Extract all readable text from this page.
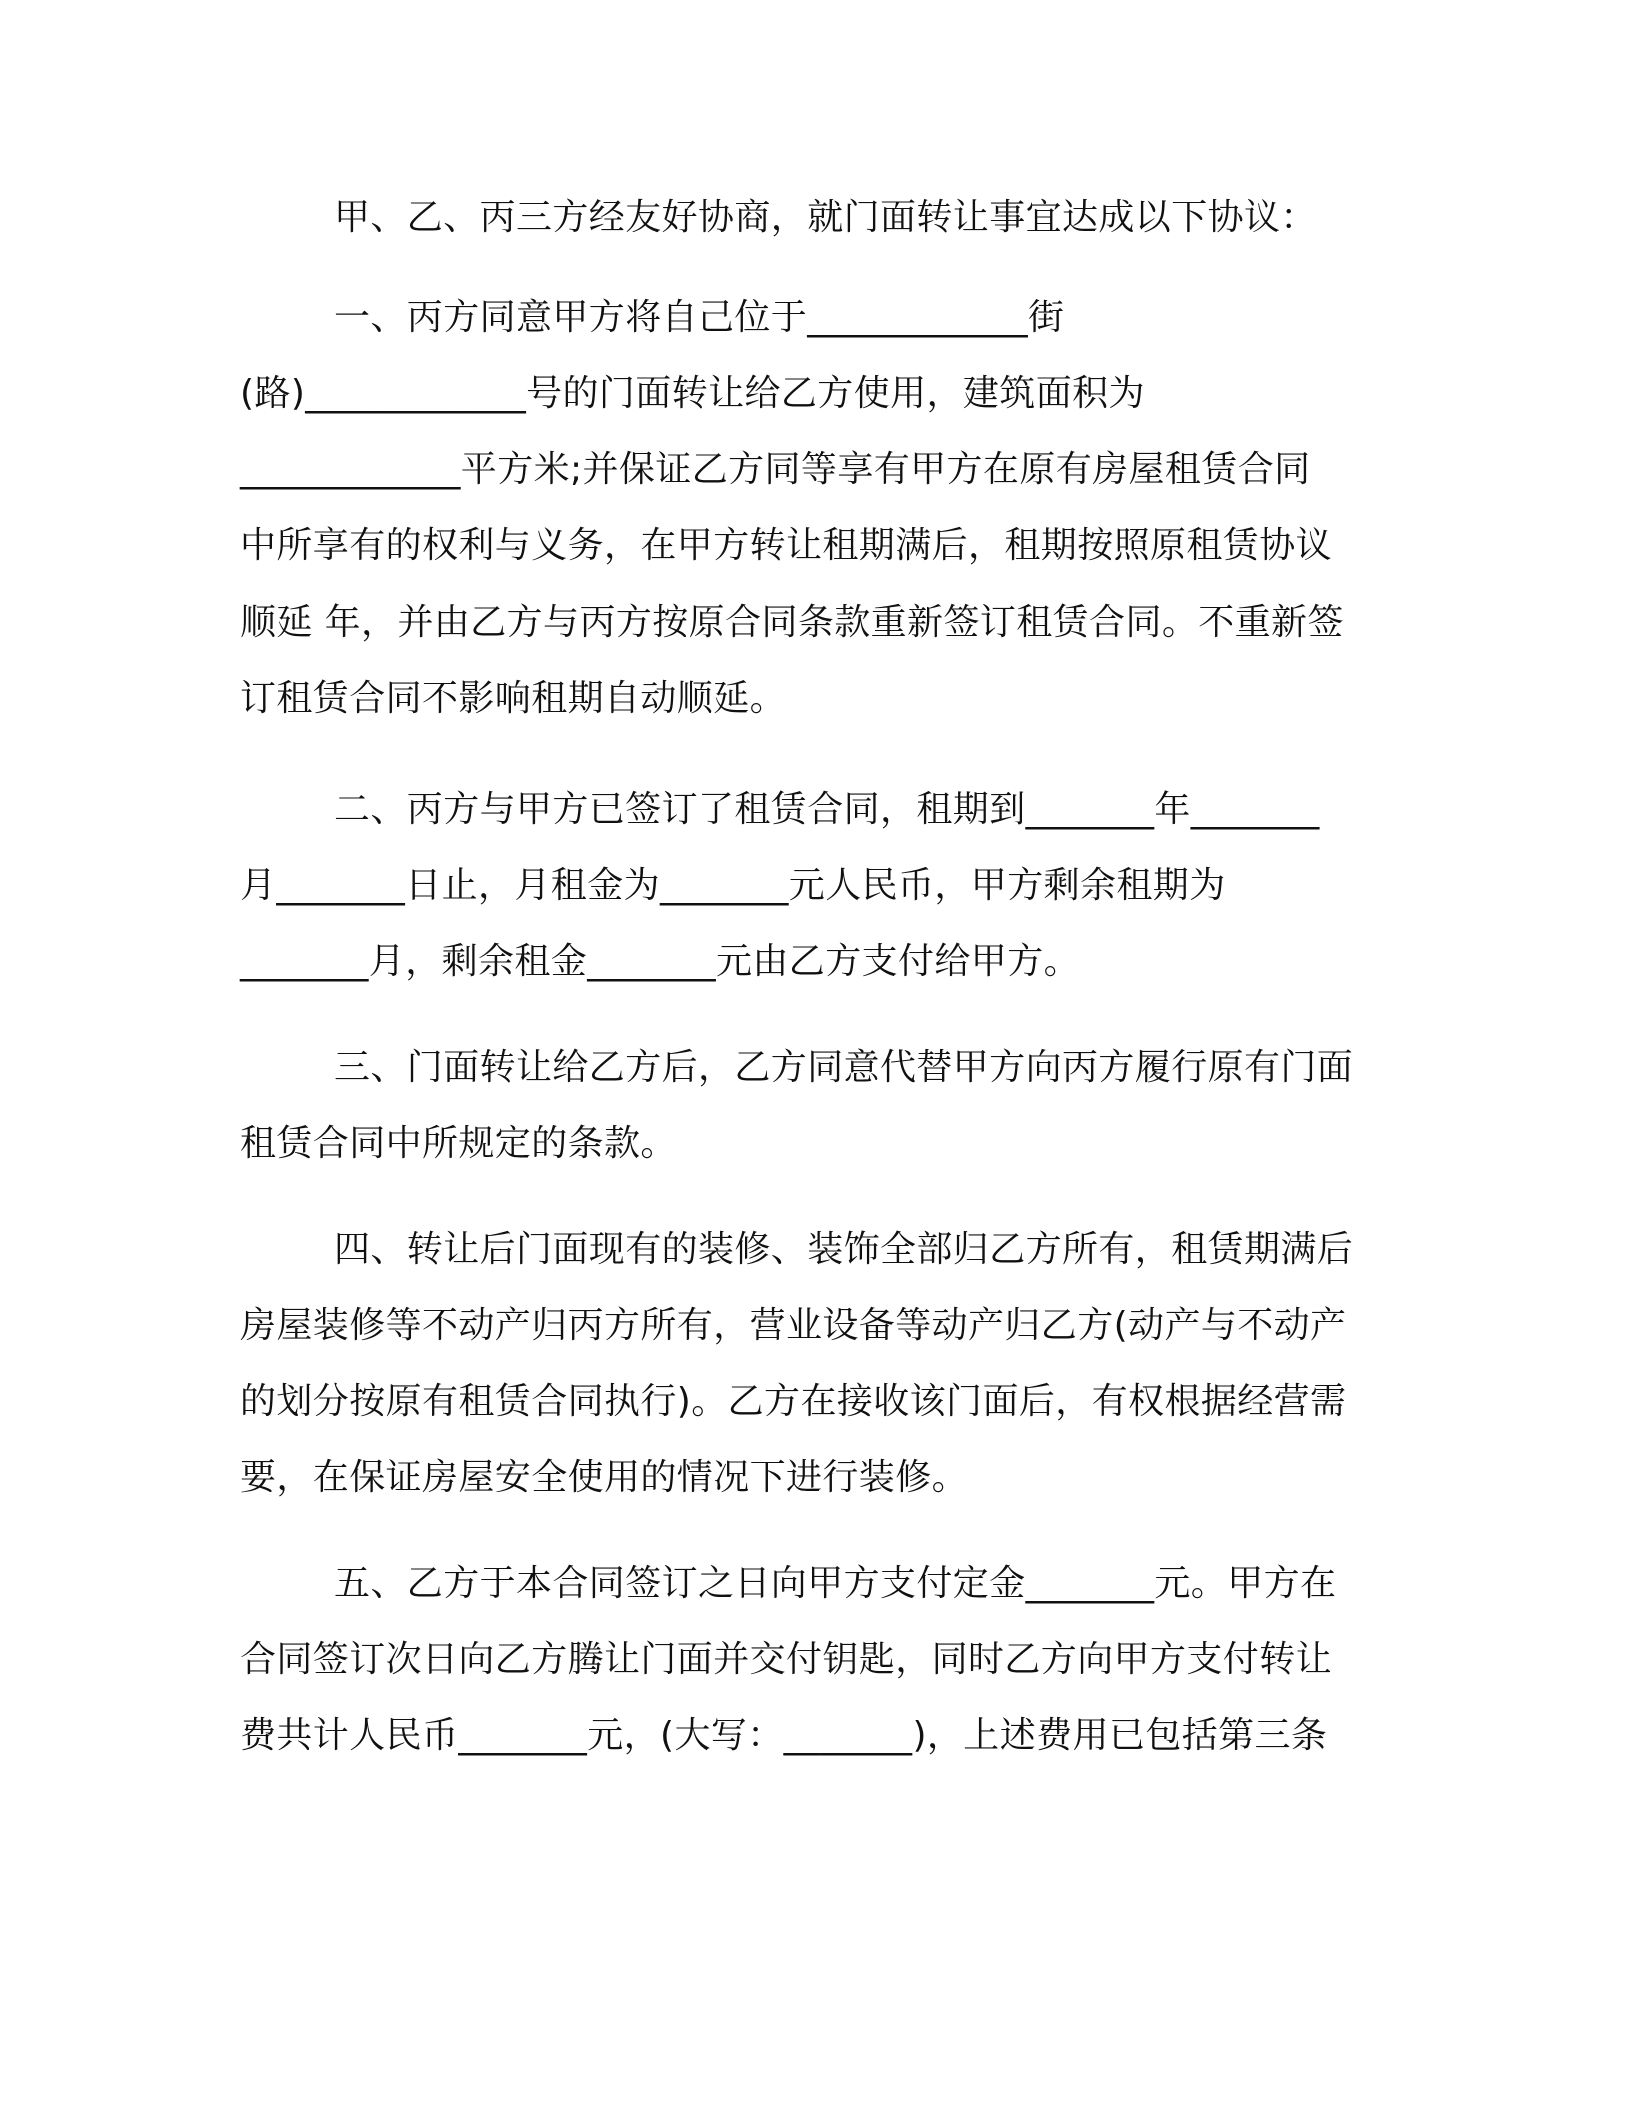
甲、乙、丙三方经友好协商，就门面转让事宜达成以下协议：
一、丙方同意甲方将自己位于____________街
(路)____________号的门面转让给乙方使用，建筑面积为
____________平方米;并保证乙方同等享有甲方在原有房屋租赁合同
中所享有的权利与义务，在甲方转让租期满后，租期按照原租赁协议
顺延 年，并由乙方与丙方按原合同条款重新签订租赁合同。不重新签
订租赁合同不影响租期自动顺延。
二、丙方与甲方已签订了租赁合同，租期到_______年_______
月_______日止，月租金为_______元人民币，甲方剩余租期为
_______月，剩余租金_______元由乙方支付给甲方。
三、门面转让给乙方后，乙方同意代替甲方向丙方履行原有门面
租赁合同中所规定的条款。
四、转让后门面现有的装修、装饰全部归乙方所有，租赁期满后
房屋装修等不动产归丙方所有，营业设备等动产归乙方(动产与不动产
的划分按原有租赁合同执行)。乙方在接收该门面后，有权根据经营需
要，在保证房屋安全使用的情况下进行装修。
五、乙方于本合同签订之日向甲方支付定金_______元。甲方在
合同签订次日向乙方腾让门面并交付钥匙，同时乙方向甲方支付转让
费共计人民币_______元，(大写：_______)，上述费用已包括第三条
